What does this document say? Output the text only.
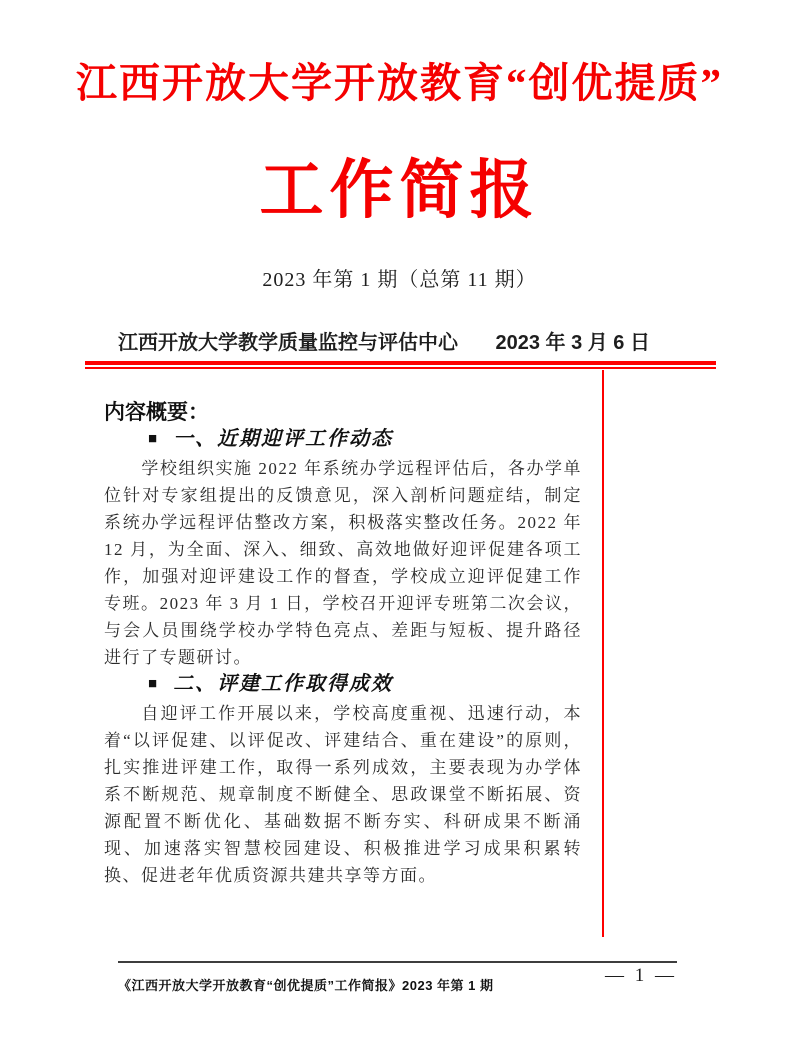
江西开放大学开放教育“创优提质”
工作简报
2023 年第 1 期（总第 11 期）
江西开放大学教学质量监控与评估中心 2023 年 3 月 6 日
内容概要：
■ 一、近期迎评工作动态

学校组织实施 2022 年系统办学远程评估后，各办学单位针对专家组提出的反馈意见，深入剖析问题症结，制定系统办学远程评估整改方案，积极落实整改任务。2022 年 12 月，为全面、深入、细致、高效地做好迎评促建各项工作，加强对迎评建设工作的督查，学校成立迎评促建工作专班。2023 年 3 月 1 日，学校召开迎评专班第二次会议，与会人员围绕学校办学特色亮点、差距与短板、提升路径进行了专题研讨。

■ 二、评建工作取得成效

自迎评工作开展以来，学校高度重视、迅速行动，本着“以评促建、以评促改、评建结合、重在建设”的原则，扎实推进评建工作，取得一系列成效，主要表现为办学体系不断规范、规章制度不断健全、思政课堂不断拓展、资源配置不断优化、基础数据不断夯实、科研成果不断涌现、加速落实智慧校园建设、积极推进学习成果积累转换、促进老年优质资源共建共享等方面。

《江西开放大学开放教育“创优提质”工作简报》2023 年第 1 期	— 1 —
